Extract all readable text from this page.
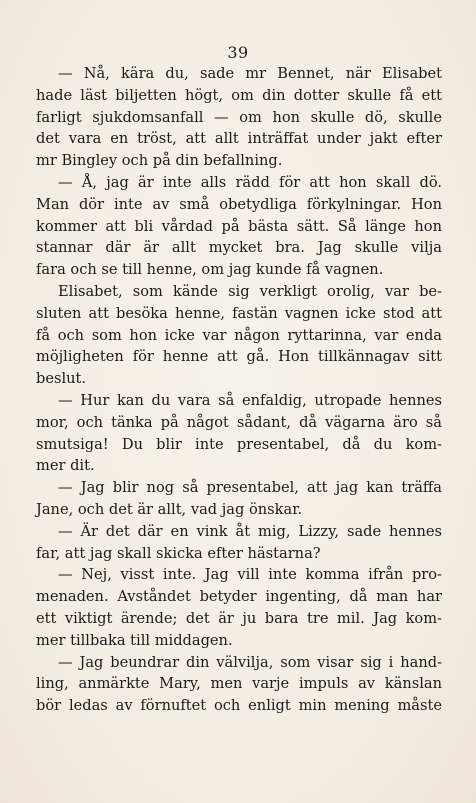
39
— Nå, kära du, sade mr Bennet, när Elisabet
hade läst biljetten högt, om din dotter skulle få ett
farligt sjukdomsanfall — om hon skulle dö, skulle
det vara en tröst, att allt inträffat under jakt efter
mr Bingley och på din befallning.
— Å, jag är inte alls rädd för att hon skall dö.
Man dör inte av små obetydliga förkylningar. Hon
kommer att bli vårdad på bästa sätt. Så länge hon
stannar där är allt mycket bra. Jag skulle vilja
fara och se till henne, om jag kunde få vagnen.
Elisabet, som kände sig verkligt orolig, var be-
sluten att besöka henne, fastän vagnen icke stod att
få och som hon icke var någon ryttarinna, var enda
möjligheten för henne att gå. Hon tillkännagav sitt
beslut.
— Hur kan du vara så enfaldig, utropade hennes
mor, och tänka på något sådant, då vägarna äro så
smutsiga! Du blir inte presentabel, då du kom-
mer dit.
— Jag blir nog så presentabel, att jag kan träffa
Jane, och det är allt, vad jag önskar.
— Är det där en vink åt mig, Lizzy, sade hennes
far, att jag skall skicka efter hästarna?
— Nej, visst inte. Jag vill inte komma ifrån pro-
menaden. Avståndet betyder ingenting, då man har
ett viktigt ärende; det är ju bara tre mil. Jag kom-
mer tillbaka till middagen.
— Jag beundrar din välvilja, som visar sig i hand-
ling, anmärkte Mary, men varje impuls av känslan
bör ledas av förnuftet och enligt min mening måste
